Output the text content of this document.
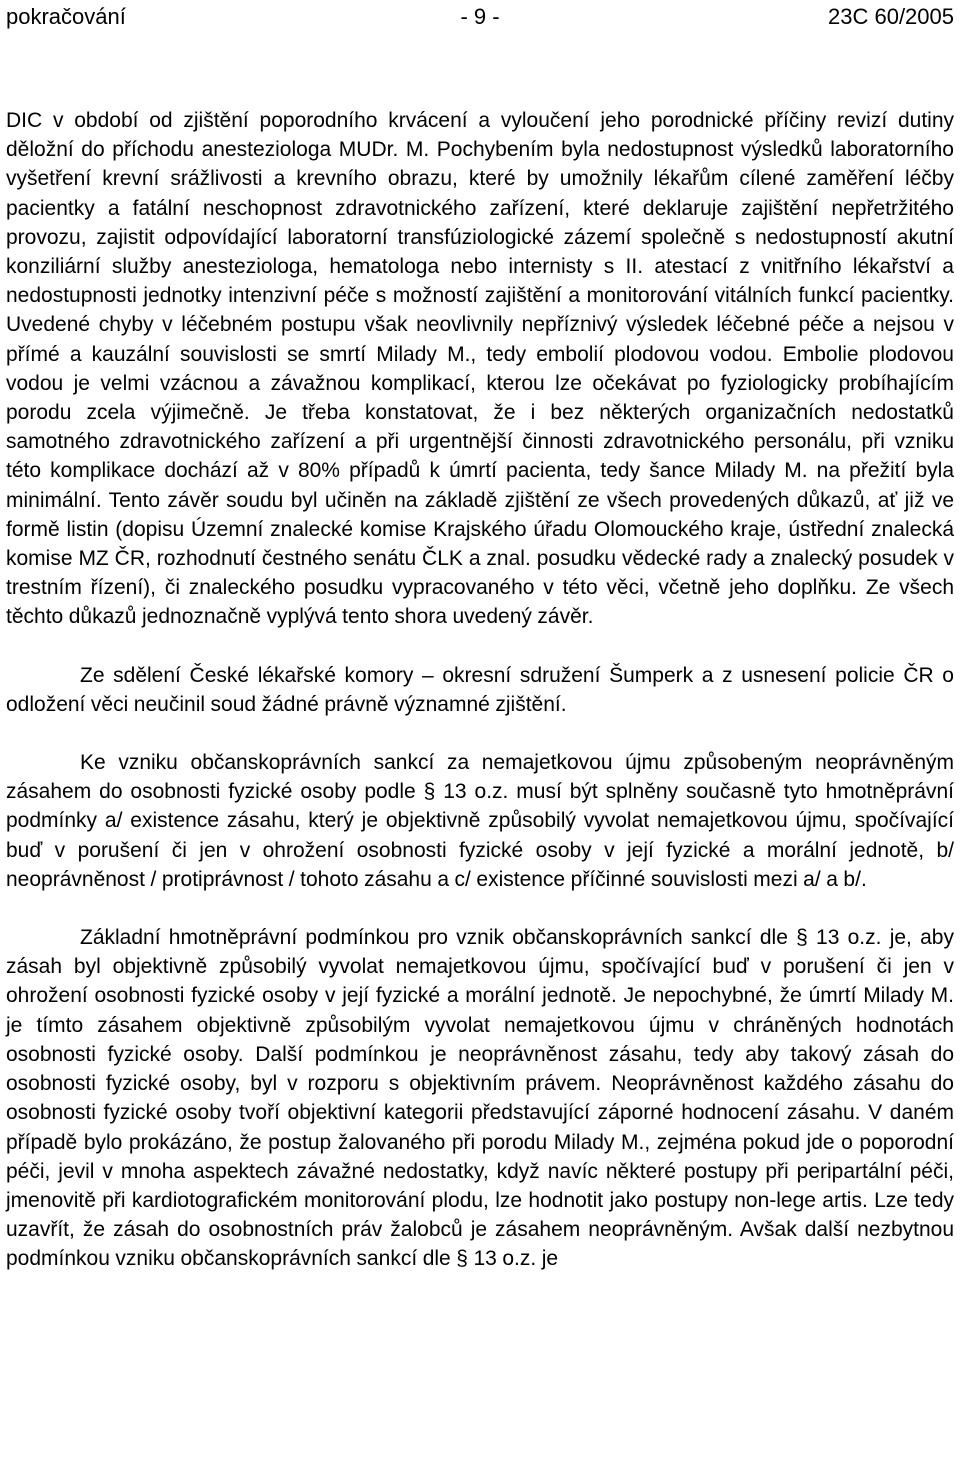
pokračování	- 9 -	23C 60/2005

DIC v období od zjištění poporodního krvácení a vyloučení jeho porodnické příčiny revizí dutiny děložní do příchodu anesteziologa MUDr. M. Pochybením byla nedostupnost výsledků laboratorního vyšetření krevní srážlivosti a krevního obrazu, které by umožnily lékařům cílené zaměření léčby pacientky a fatální neschopnost zdravotnického zařízení, které deklaruje zajištění nepřetržitého provozu, zajistit odpovídající laboratorní transfúziologické zázemí společně s nedostupností akutní konziliární služby anesteziologa, hematologa nebo internisty s II. atestací z vnitřního lékařství a nedostupnosti jednotky intenzivní péče s možností zajištění a monitorování vitálních funkcí pacientky. Uvedené chyby v léčebném postupu však neovlivnily nepříznivý výsledek léčebné péče a nejsou v přímé a kauzální souvislosti se smrtí Milady M., tedy embolií plodovou vodou. Embolie plodovou vodou je velmi vzácnou a závažnou komplikací, kterou lze očekávat po fyziologicky probíhajícím porodu zcela výjimečně. Je třeba konstatovat, že i bez některých organizačních nedostatků samotného zdravotnického zařízení a při urgentnější činnosti zdravotnického personálu, při vzniku této komplikace dochází až v 80% případů k úmrtí pacienta, tedy šance Milady M. na přežití byla minimální. Tento závěr soudu byl učiněn na základě zjištění ze všech provedených důkazů, ať již ve formě listin (dopisu Územní znalecké komise Krajského úřadu Olomouckého kraje, ústřední znalecká komise MZ ČR, rozhodnutí čestného senátu ČLK a znal. posudku vědecké rady a znalecký posudek v trestním řízení), či znaleckého posudku vypracovaného v této věci, včetně jeho doplňku. Ze všech těchto důkazů jednoznačně vyplývá tento shora uvedený závěr.

Ze sdělení České lékařské komory – okresní sdružení Šumperk a z usnesení policie ČR o odložení věci neučinil soud žádné právně významné zjištění.

Ke vzniku občanskoprávních sankcí za nemajetkovou újmu způsobeným neoprávněným zásahem do osobnosti fyzické osoby podle § 13 o.z. musí být splněny současně tyto hmotněprávní podmínky a/ existence zásahu, který je objektivně způsobilý vyvolat nemajetkovou újmu, spočívající buď v porušení či jen v ohrožení osobnosti fyzické osoby v její fyzické a morální jednotě, b/ neoprávněnost / protiprávnost / tohoto zásahu a c/ existence příčinné souvislosti mezi a/ a b/.

Základní hmotněprávní podmínkou pro vznik občanskoprávních sankcí dle § 13 o.z. je, aby zásah byl objektivně způsobilý vyvolat nemajetkovou újmu, spočívající buď v porušení či jen v ohrožení osobnosti fyzické osoby v její fyzické a morální jednotě. Je nepochybné, že úmrtí Milady M. je tímto zásahem objektivně způsobilým vyvolat nemajetkovou újmu v chráněných hodnotách osobnosti fyzické osoby. Další podmínkou je neoprávněnost zásahu, tedy aby takový zásah do osobnosti fyzické osoby, byl v rozporu s objektivním právem. Neoprávněnost každého zásahu do osobnosti fyzické osoby tvoří objektivní kategorii představující záporné hodnocení zásahu. V daném případě bylo prokázáno, že postup žalovaného při porodu Milady M., zejména pokud jde o poporodní péči, jevil v mnoha aspektech závažné nedostatky, když navíc některé postupy při peripartální péči, jmenovitě při kardiotografickém monitorování plodu, lze hodnotit jako postupy non-lege artis. Lze tedy uzavřít, že zásah do osobnostních práv žalobců je zásahem neoprávněným. Avšak další nezbytnou podmínkou vzniku občanskoprávních sankcí dle § 13 o.z. je
